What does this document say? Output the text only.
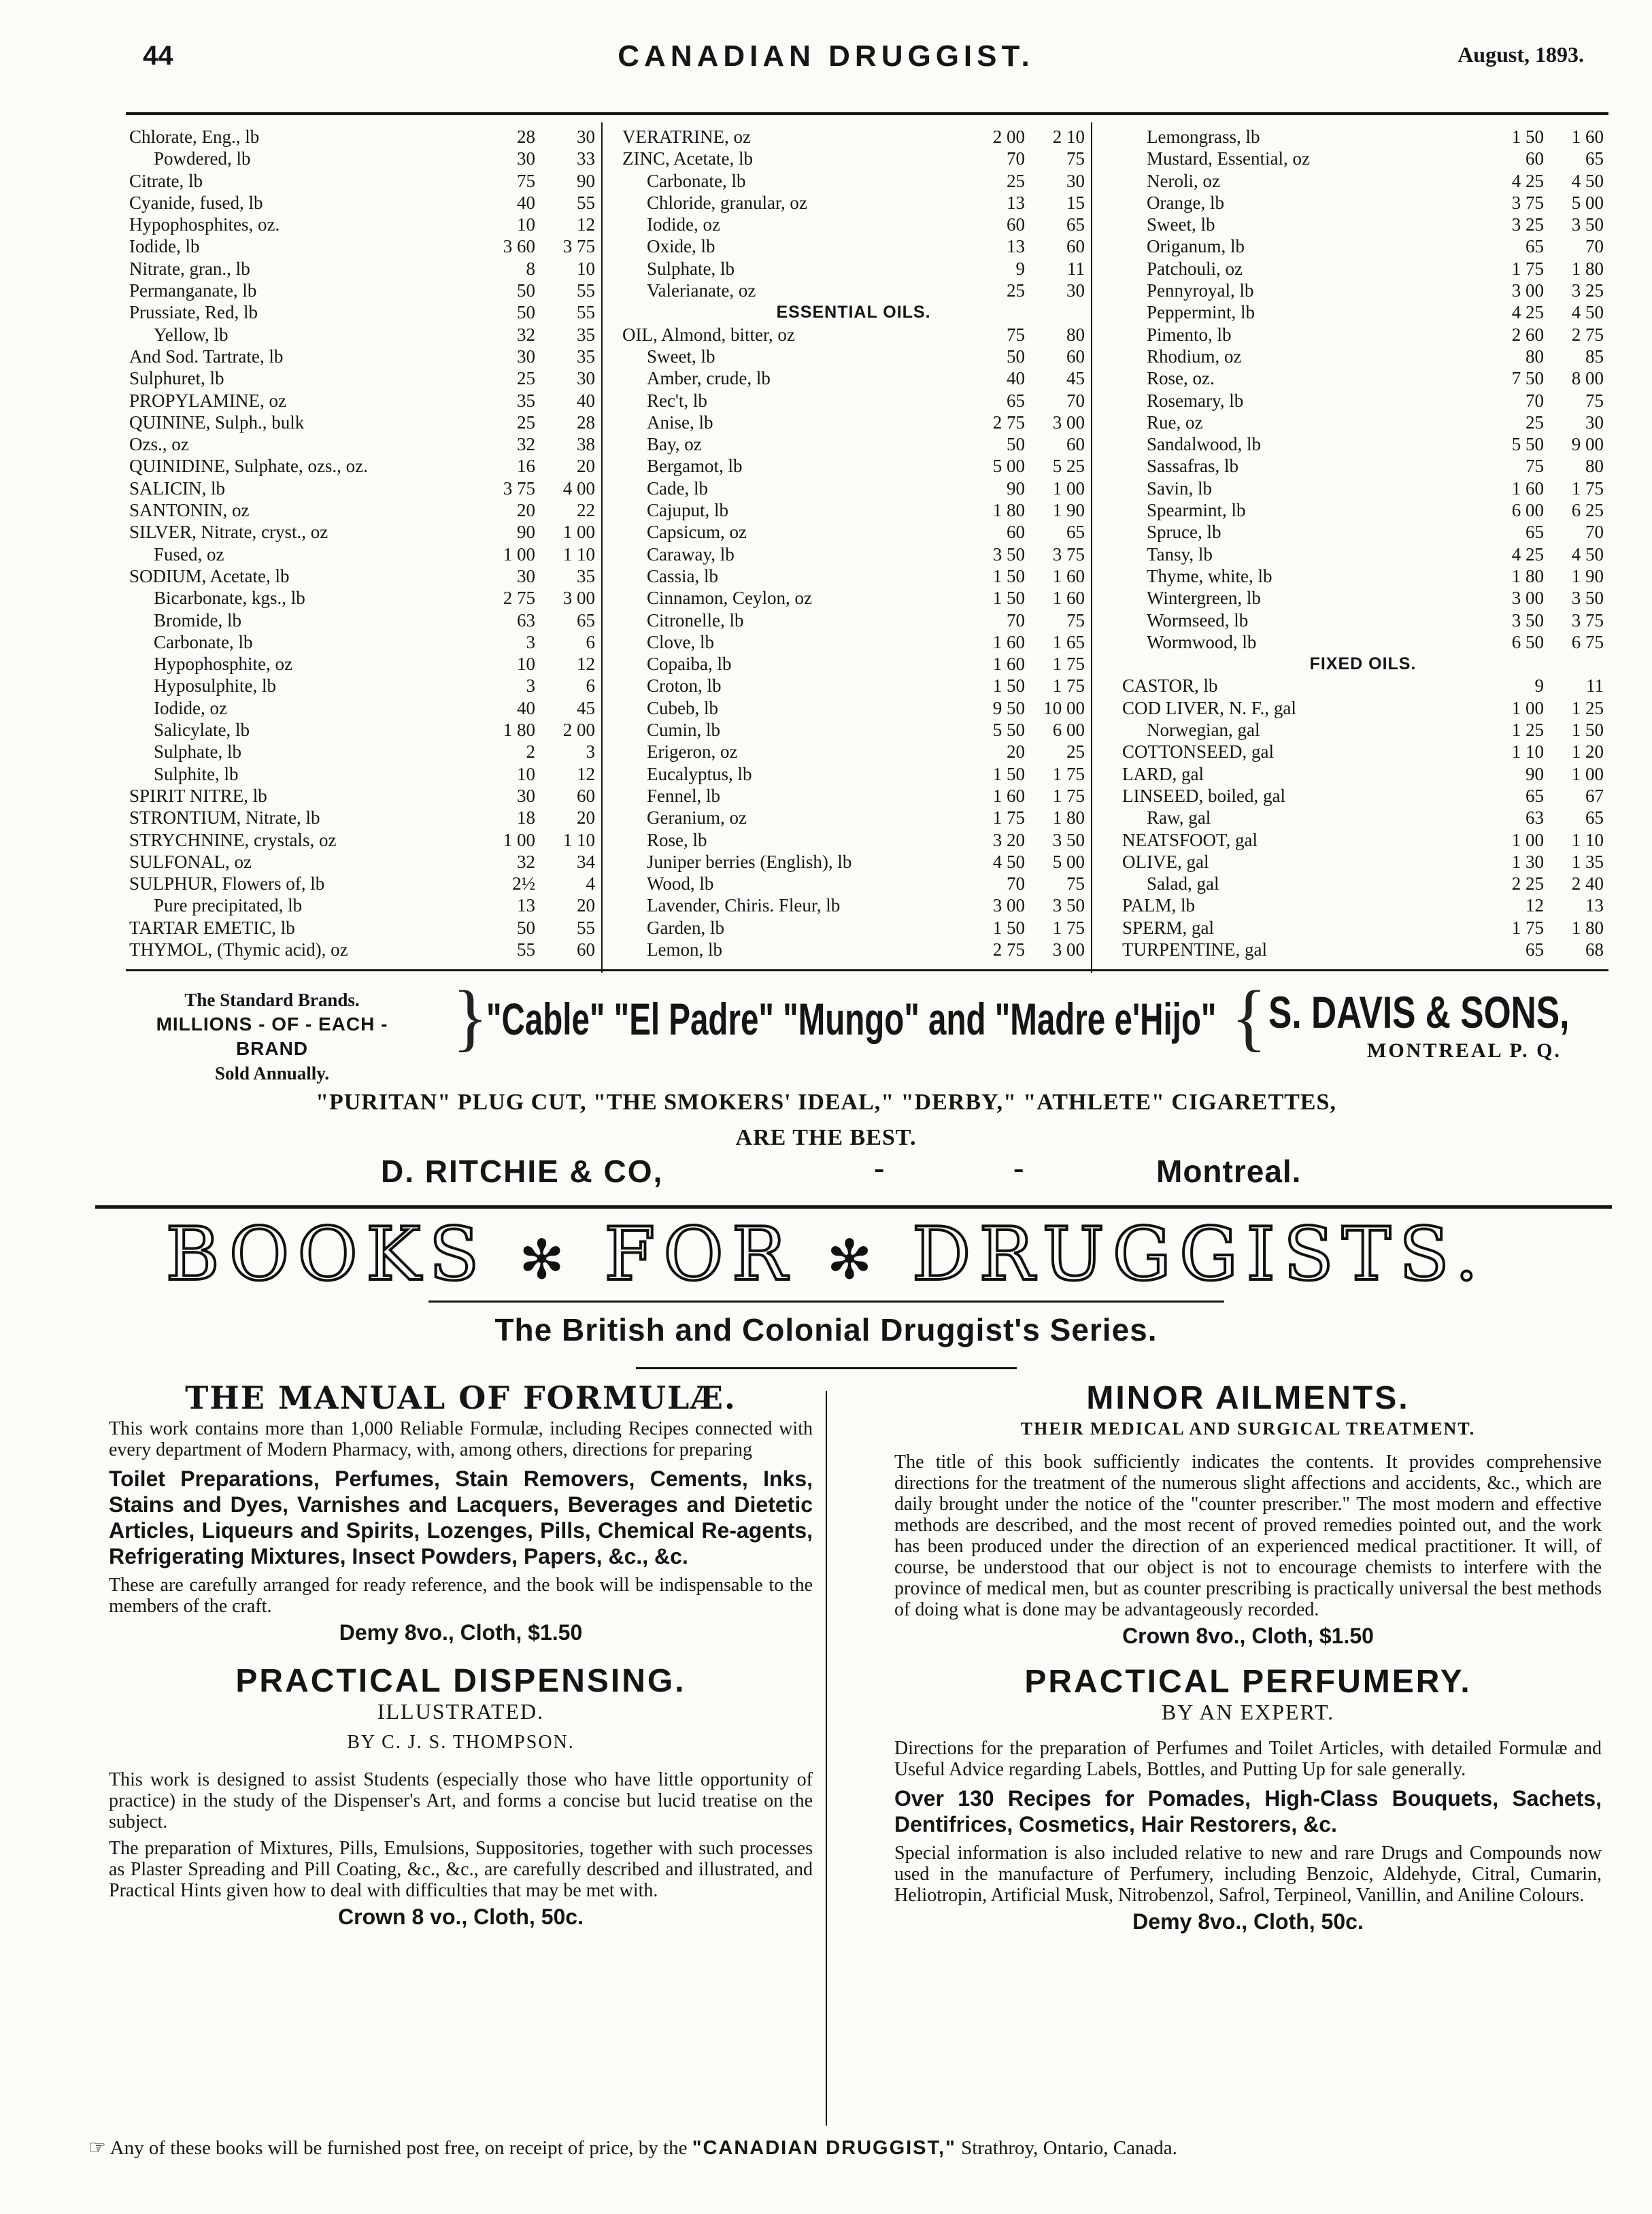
44	CANADIAN DRUGGIST.	August, 1893.
Chlorate, Eng., lb	28	30
Powdered, lb	30	33
Citrate, lb	75	90
Cyanide, fused, lb	40	55
Hypophosphites, oz.	10	12
Iodide, lb	3 60	3 75
Nitrate, gran., lb	8	10
Permanganate, lb	50	55
Prussiate, Red, lb	50	55
Yellow, lb	32	35
And Sod. Tartrate, lb	30	35
Sulphuret, lb	25	30
PROPYLAMINE, oz	35	40
QUININE, Sulph., bulk	25	28
Ozs., oz	32	38
QUINIDINE, Sulphate, ozs., oz.	16	20
SALICIN, lb	3 75	4 00
SANTONIN, oz	20	22
SILVER, Nitrate, cryst., oz	90	1 00
Fused, oz	1 00	1 10
SODIUM, Acetate, lb	30	35
Bicarbonate, kgs., lb	2 75	3 00
Bromide, lb	63	65
Carbonate, lb	3	6
Hypophosphite, oz	10	12
Hyposulphite, lb	3	6
Iodide, oz	40	45
Salicylate, lb	1 80	2 00
Sulphate, lb	2	3
Sulphite, lb	10	12
SPIRIT NITRE, lb	30	60
STRONTIUM, Nitrate, lb	18	20
STRYCHNINE, crystals, oz	1 00	1 10
SULFONAL, oz	32	34
SULPHUR, Flowers of, lb	2½	4
Pure precipitated, lb	13	20
TARTAR EMETIC, lb	50	55
THYMOL, (Thymic acid), oz	55	60
VERATRINE, oz	2 00	2 10
ZINC, Acetate, lb	70	75
Carbonate, lb	25	30
Chloride, granular, oz	13	15
Iodide, oz	60	65
Oxide, lb	13	60
Sulphate, lb	9	11
Valerianate, oz	25	30
ESSENTIAL OILS.
OIL, Almond, bitter, oz	75	80
Sweet, lb	50	60
Amber, crude, lb	40	45
Rec't, lb	65	70
Anise, lb	2 75	3 00
Bay, oz	50	60
Bergamot, lb	5 00	5 25
Cade, lb	90	1 00
Cajuput, lb	1 80	1 90
Capsicum, oz	60	65
Caraway, lb	3 50	3 75
Cassia, lb	1 50	1 60
Cinnamon, Ceylon, oz	1 50	1 60
Citronelle, lb	70	75
Clove, lb	1 60	1 65
Copaiba, lb	1 60	1 75
Croton, lb	1 50	1 75
Cubeb, lb	9 50	10 00
Cumin, lb	5 50	6 00
Erigeron, oz	20	25
Eucalyptus, lb	1 50	1 75
Fennel, lb	1 60	1 75
Geranium, oz	1 75	1 80
Rose, lb	3 20	3 50
Juniper berries (English), lb	4 50	5 00
Wood, lb	70	75
Lavender, Chiris. Fleur, lb	3 00	3 50
Garden, lb	1 50	1 75
Lemon, lb	2 75	3 00
Lemongrass, lb	1 50	1 60
Mustard, Essential, oz	60	65
Neroli, oz	4 25	4 50
Orange, lb	3 75	5 00
Sweet, lb	3 25	3 50
Origanum, lb	65	70
Patchouli, oz	1 75	1 80
Pennyroyal, lb	3 00	3 25
Peppermint, lb	4 25	4 50
Pimento, lb	2 60	2 75
Rhodium, oz	80	85
Rose, oz.	7 50	8 00
Rosemary, lb	70	75
Rue, oz	25	30
Sandalwood, lb	5 50	9 00
Sassafras, lb	75	80
Savin, lb	1 60	1 75
Spearmint, lb	6 00	6 25
Spruce, lb	65	70
Tansy, lb	4 25	4 50
Thyme, white, lb	1 80	1 90
Wintergreen, lb	3 00	3 50
Wormseed, lb	3 50	3 75
Wormwood, lb	6 50	6 75
FIXED OILS.
CASTOR, lb	9	11
COD LIVER, N. F., gal	1 00	1 25
Norwegian, gal	1 25	1 50
COTTONSEED, gal	1 10	1 20
LARD, gal	90	1 00
LINSEED, boiled, gal	65	67
Raw, gal	63	65
NEATSFOOT, gal	1 00	1 10
OLIVE, gal	1 30	1 35
Salad, gal	2 25	2 40
PALM, lb	12	13
SPERM, gal	1 75	1 80
TURPENTINE, gal	65	68
The Standard Brands.
MILLIONS - OF - EACH - BRAND
Sold Annually.
}
"Cable" "El Padre" "Mungo" and "Madre e'Hijo" { S. DAVIS & SONS,
MONTREAL P. Q.
"PURITAN" PLUG CUT, "THE SMOKERS' IDEAL," "DERBY," "ATHLETE" CIGARETTES,
ARE THE BEST.
D. RITCHIE & CO,	-	-	Montreal.
BOOKS ✻ FOR ✻ DRUGGISTS.
The British and Colonial Druggist's Series.
THE MANUAL OF FORMULÆ.

This work contains more than 1,000 Reliable Formulæ, including Recipes connected with every department of Modern Pharmacy, with, among others, directions for preparing

Toilet Preparations, Perfumes, Stain Removers, Cements, Inks, Stains and Dyes, Varnishes and Lacquers, Beverages and Dietetic Articles, Liqueurs and Spirits, Lozenges, Pills, Chemical Re-agents, Refrigerating Mixtures, Insect Powders, Papers, &c., &c.

These are carefully arranged for ready reference, and the book will be indispensable to the members of the craft.

Demy 8vo., Cloth, $1.50
PRACTICAL DISPENSING.
ILLUSTRATED.
BY C. J. S. THOMPSON.

This work is designed to assist Students (especially those who have little opportunity of practice) in the study of the Dispenser's Art, and forms a concise but lucid treatise on the subject.

The preparation of Mixtures, Pills, Emulsions, Suppositories, together with such processes as Plaster Spreading and Pill Coating, &c., &c., are carefully described and illustrated, and Practical Hints given how to deal with difficulties that may be met with.

Crown 8 vo., Cloth, 50c.
MINOR AILMENTS.
THEIR MEDICAL AND SURGICAL TREATMENT.

The title of this book sufficiently indicates the contents. It provides comprehensive directions for the treatment of the numerous slight affections and accidents, &c., which are daily brought under the notice of the "counter prescriber." The most modern and effective methods are described, and the most recent of proved remedies pointed out, and the work has been produced under the direction of an experienced medical practitioner. It will, of course, be understood that our object is not to encourage chemists to interfere with the province of medical men, but as counter prescribing is practically universal the best methods of doing what is done may be advantageously recorded.

Crown 8vo., Cloth, $1.50
PRACTICAL PERFUMERY.
BY AN EXPERT.

Directions for the preparation of Perfumes and Toilet Articles, with detailed Formulæ and Useful Advice regarding Labels, Bottles, and Putting Up for sale generally.

Over 130 Recipes for Pomades, High-Class Bouquets, Sachets, Dentifrices, Cosmetics, Hair Restorers, &c.

Special information is also included relative to new and rare Drugs and Compounds now used in the manufacture of Perfumery, including Benzoic, Aldehyde, Citral, Cumarin, Heliotropin, Artificial Musk, Nitrobenzol, Safrol, Terpineol, Vanillin, and Aniline Colours.

Demy 8vo., Cloth, 50c.
☞ Any of these books will be furnished post free, on receipt of price, by the "CANADIAN DRUGGIST," Strathroy, Ontario, Canada.
